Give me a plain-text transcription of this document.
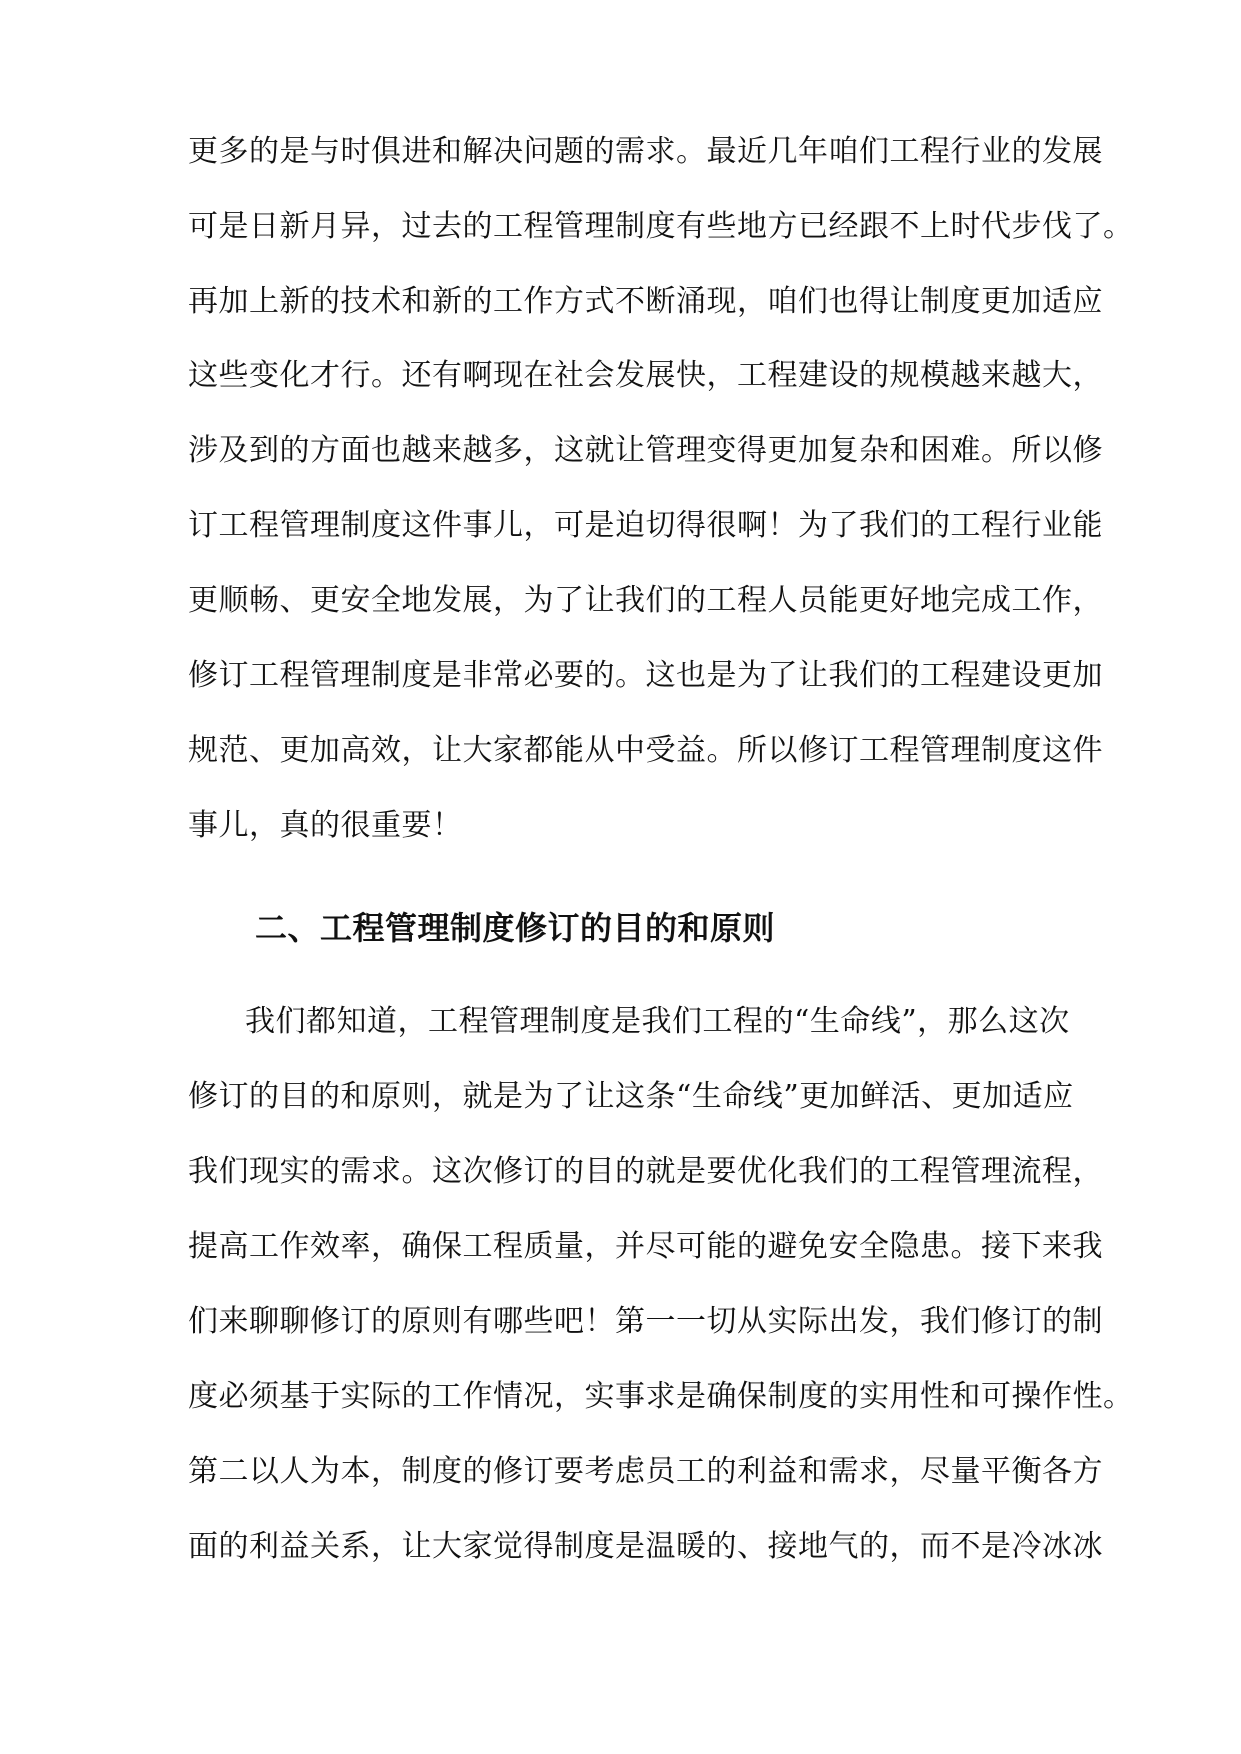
更多的是与时俱进和解决问题的需求。最近几年咱们工程行业的发展
可是日新月异，过去的工程管理制度有些地方已经跟不上时代步伐了。
再加上新的技术和新的工作方式不断涌现，咱们也得让制度更加适应
这些变化才行。还有啊现在社会发展快，工程建设的规模越来越大，
涉及到的方面也越来越多，这就让管理变得更加复杂和困难。所以修
订工程管理制度这件事儿，可是迫切得很啊！为了我们的工程行业能
更顺畅、更安全地发展，为了让我们的工程人员能更好地完成工作，
修订工程管理制度是非常必要的。这也是为了让我们的工程建设更加
规范、更加高效，让大家都能从中受益。所以修订工程管理制度这件
事儿，真的很重要！
二、工程管理制度修订的目的和原则
我们都知道，工程管理制度是我们工程的“生命线”，那么这次
修订的目的和原则，就是为了让这条“生命线”更加鲜活、更加适应
我们现实的需求。这次修订的目的就是要优化我们的工程管理流程，
提高工作效率，确保工程质量，并尽可能的避免安全隐患。接下来我
们来聊聊修订的原则有哪些吧！第一一切从实际出发，我们修订的制
度必须基于实际的工作情况，实事求是确保制度的实用性和可操作性。
第二以人为本，制度的修订要考虑员工的利益和需求，尽量平衡各方
面的利益关系，让大家觉得制度是温暖的、接地气的，而不是冷冰冰
